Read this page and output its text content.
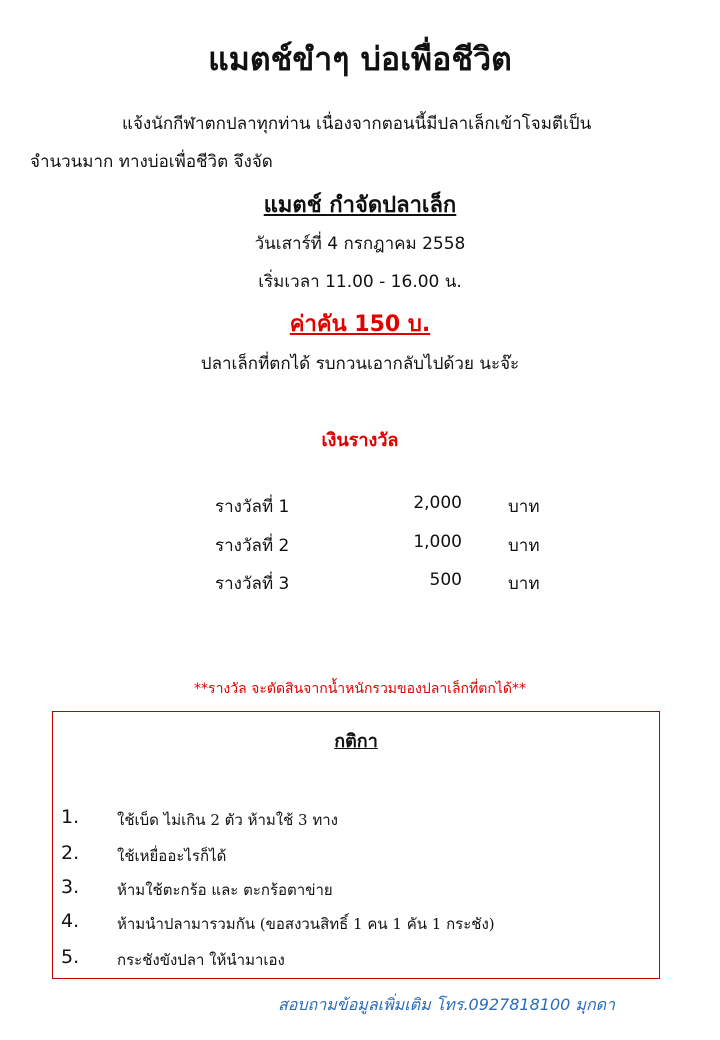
แมตช์ขำๆ บ่อเพื่อชีวิต
แจ้งนักกีฬาตกปลาทุกท่าน เนื่องจากตอนนี้มีปลาเล็กเข้าโจมตีเป็น
จำนวนมาก ทางบ่อเพื่อชีวิต จึงจัด
แมตช์ กำจัดปลาเล็ก
วันเสาร์ที่ 4 กรกฎาคม 2558
เริ่มเวลา 11.00 - 16.00 น.
ค่าคัน 150 บ.
ปลาเล็กที่ตกได้ รบกวนเอากลับไปด้วย นะจ๊ะ
เงินรางวัล
รางวัลที่ 1	2,000	บาท
รางวัลที่ 2	1,000	บาท
รางวัลที่ 3	500	บาท
**รางวัล จะตัดสินจากน้ำหนักรวมของปลาเล็กที่ตกได้**
กติกา
1.	ใช้เบ็ด ไม่เกิน 2 ตัว ห้ามใช้ 3 ทาง
2.	ใช้เหยื่ออะไรก็ได้
3.	ห้ามใช้ตะกร้อ และ ตะกร้อตาข่าย
4.	ห้ามนำปลามารวมกัน (ขอสงวนสิทธิ์ 1 คน 1 คัน 1 กระชัง)
5.	กระชังขังปลา ให้นำมาเอง
สอบถามข้อมูลเพิ่มเติม โทร.0927818100 มุกดา
